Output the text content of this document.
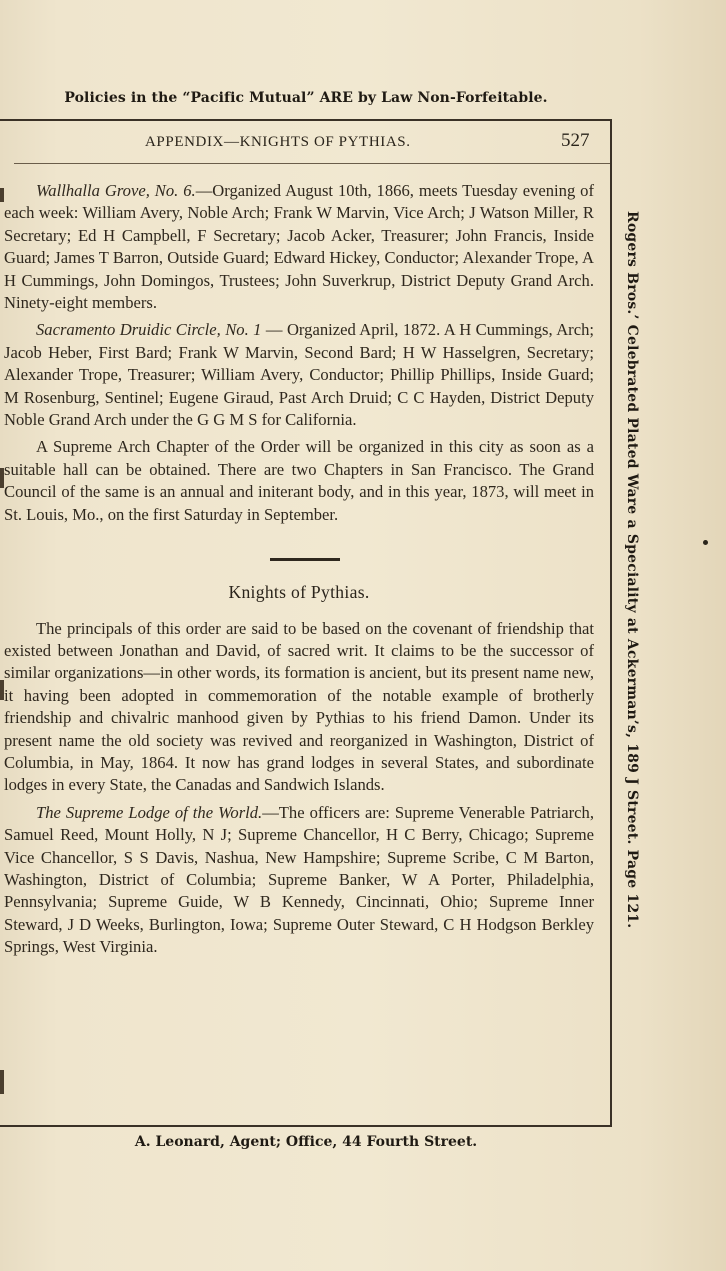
Policies in the “Pacific Mutual” ARE by Law Non-Forfeitable.
APPENDIX—KNIGHTS OF PYTHIAS.	527

Wallhalla Grove, No. 6.—Organized August 10th, 1866, meets Tuesday evening of each week: William Avery, Noble Arch; Frank W Marvin, Vice Arch; J Watson Miller, R Secretary; Ed H Campbell, F Secretary; Jacob Acker, Treasurer; John Francis, Inside Guard; James T Barron, Outside Guard; Edward Hickey, Conductor; Alexander Trope, A H Cummings, John Domingos, Trustees; John Suverkrup, District Deputy Grand Arch. Ninety-eight members.

Sacramento Druidic Circle, No. 1 — Organized April, 1872. A H Cummings, Arch; Jacob Heber, First Bard; Frank W Marvin, Second Bard; H W Hasselgren, Secretary; Alexander Trope, Treasurer; William Avery, Conductor; Phillip Phillips, Inside Guard; M Rosenburg, Sentinel; Eugene Giraud, Past Arch Druid; C C Hayden, District Deputy Noble Grand Arch under the G G M S for California.

A Supreme Arch Chapter of the Order will be organized in this city as soon as a suitable hall can be obtained. There are two Chapters in San Francisco. The Grand Council of the same is an annual and initerant body, and in this year, 1873, will meet in St. Louis, Mo., on the first Saturday in September.

Knights of Pythias.

The principals of this order are said to be based on the covenant of friendship that existed between Jonathan and David, of sacred writ. It claims to be the successor of similar organizations—in other words, its formation is ancient, but its present name new, it having been adopted in commemoration of the notable example of brotherly friendship and chivalric manhood given by Pythias to his friend Damon. Under its present name the old society was revived and reorganized in Washington, District of Columbia, in May, 1864. It now has grand lodges in several States, and subordinate lodges in every State, the Canadas and Sandwich Islands.

The Supreme Lodge of the World.—The officers are: Supreme Venerable Patriarch, Samuel Reed, Mount Holly, N J; Supreme Chancellor, H C Berry, Chicago; Supreme Vice Chancellor, S S Davis, Nashua, New Hampshire; Supreme Scribe, C M Barton, Washington, District of Columbia; Supreme Banker, W A Porter, Philadelphia, Pennsylvania; Supreme Guide, W B Kennedy, Cincinnati, Ohio; Supreme Inner Steward, J D Weeks, Burlington, Iowa; Supreme Outer Steward, C H Hodgson Berkley Springs, West Virginia.

Rogers Bros.’ Celebrated Plated Ware a Speciality at Ackerman’s, 189 J Street. Page 121.
A. Leonard, Agent; Office, 44 Fourth Street.
